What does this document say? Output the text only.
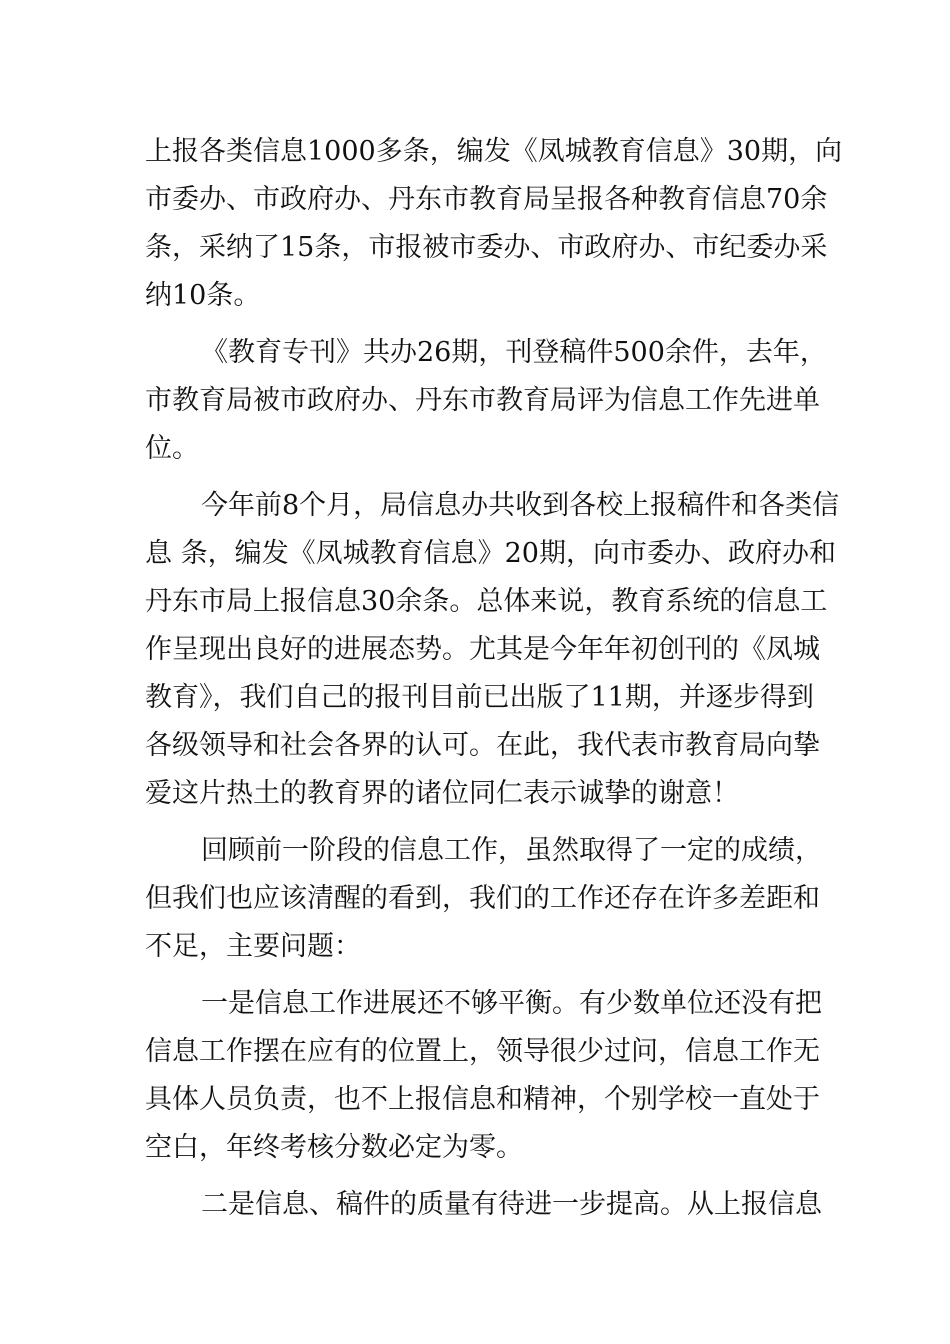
上报各类信息1000多条，编发《凤城教育信息》30期，向
市委办、市政府办、丹东市教育局呈报各种教育信息70余
条，采纳了15条，市报被市委办、市政府办、市纪委办采
纳10条。

《教育专刊》共办26期，刊登稿件500余件，去年，
市教育局被市政府办、丹东市教育局评为信息工作先进单
位。

今年前8个月，局信息办共收到各校上报稿件和各类信
息 条，编发《凤城教育信息》20期，向市委办、政府办和
丹东市局上报信息30余条。总体来说，教育系统的信息工
作呈现出良好的进展态势。尤其是今年年初创刊的《凤城
教育》，我们自己的报刊目前已出版了11期，并逐步得到
各级领导和社会各界的认可。在此，我代表市教育局向挚
爱这片热土的教育界的诸位同仁表示诚挚的谢意！

回顾前一阶段的信息工作，虽然取得了一定的成绩，
但我们也应该清醒的看到，我们的工作还存在许多差距和
不足，主要问题：

一是信息工作进展还不够平衡。有少数单位还没有把
信息工作摆在应有的位置上，领导很少过问，信息工作无
具体人员负责，也不上报信息和精神，个别学校一直处于
空白，年终考核分数必定为零。

二是信息、稿件的质量有待进一步提高。从上报信息
